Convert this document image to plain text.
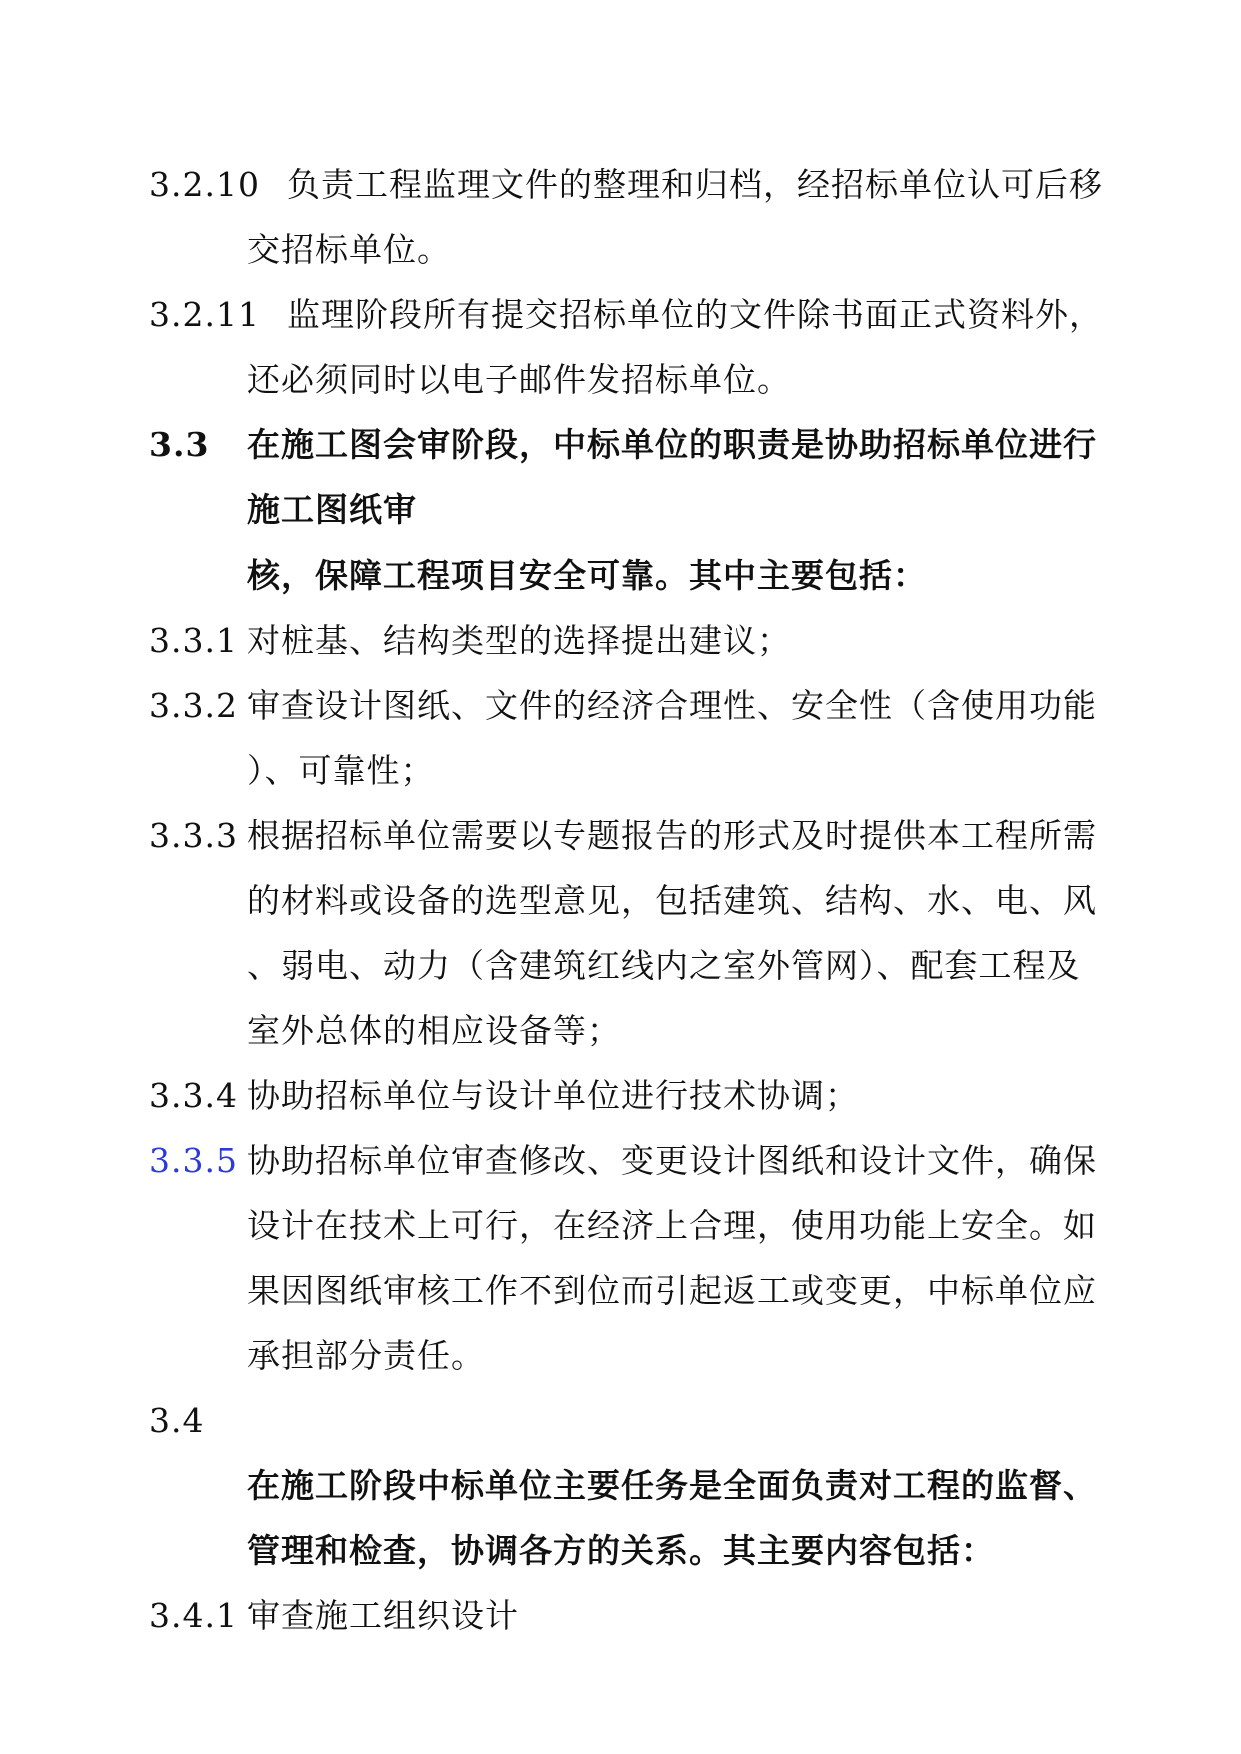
3.2.10 负责工程监理文件的整理和归档，经招标单位认可后移
交招标单位。
3.2.11 监理阶段所有提交招标单位的文件除书面正式资料外，
还必须同时以电子邮件发招标单位。
3.3 在施工图会审阶段，中标单位的职责是协助招标单位进行
施工图纸审
核，保障工程项目安全可靠。其中主要包括：
3.3.1 对桩基、结构类型的选择提出建议；
3.3.2 审查设计图纸、文件的经济合理性、安全性（含使用功能
）、可靠性；
3.3.3 根据招标单位需要以专题报告的形式及时提供本工程所需
的材料或设备的选型意见，包括建筑、结构、水、电、风
、弱电、动力（含建筑红线内之室外管网）、配套工程及
室外总体的相应设备等；
3.3.4 协助招标单位与设计单位进行技术协调；
3.3.5 协助招标单位审查修改、变更设计图纸和设计文件，确保
设计在技术上可行，在经济上合理，使用功能上安全。如
果因图纸审核工作不到位而引起返工或变更，中标单位应
承担部分责任。
3.4
在施工阶段中标单位主要任务是全面负责对工程的监督、
管理和检查，协调各方的关系。其主要内容包括：
3.4.1 审查施工组织设计
